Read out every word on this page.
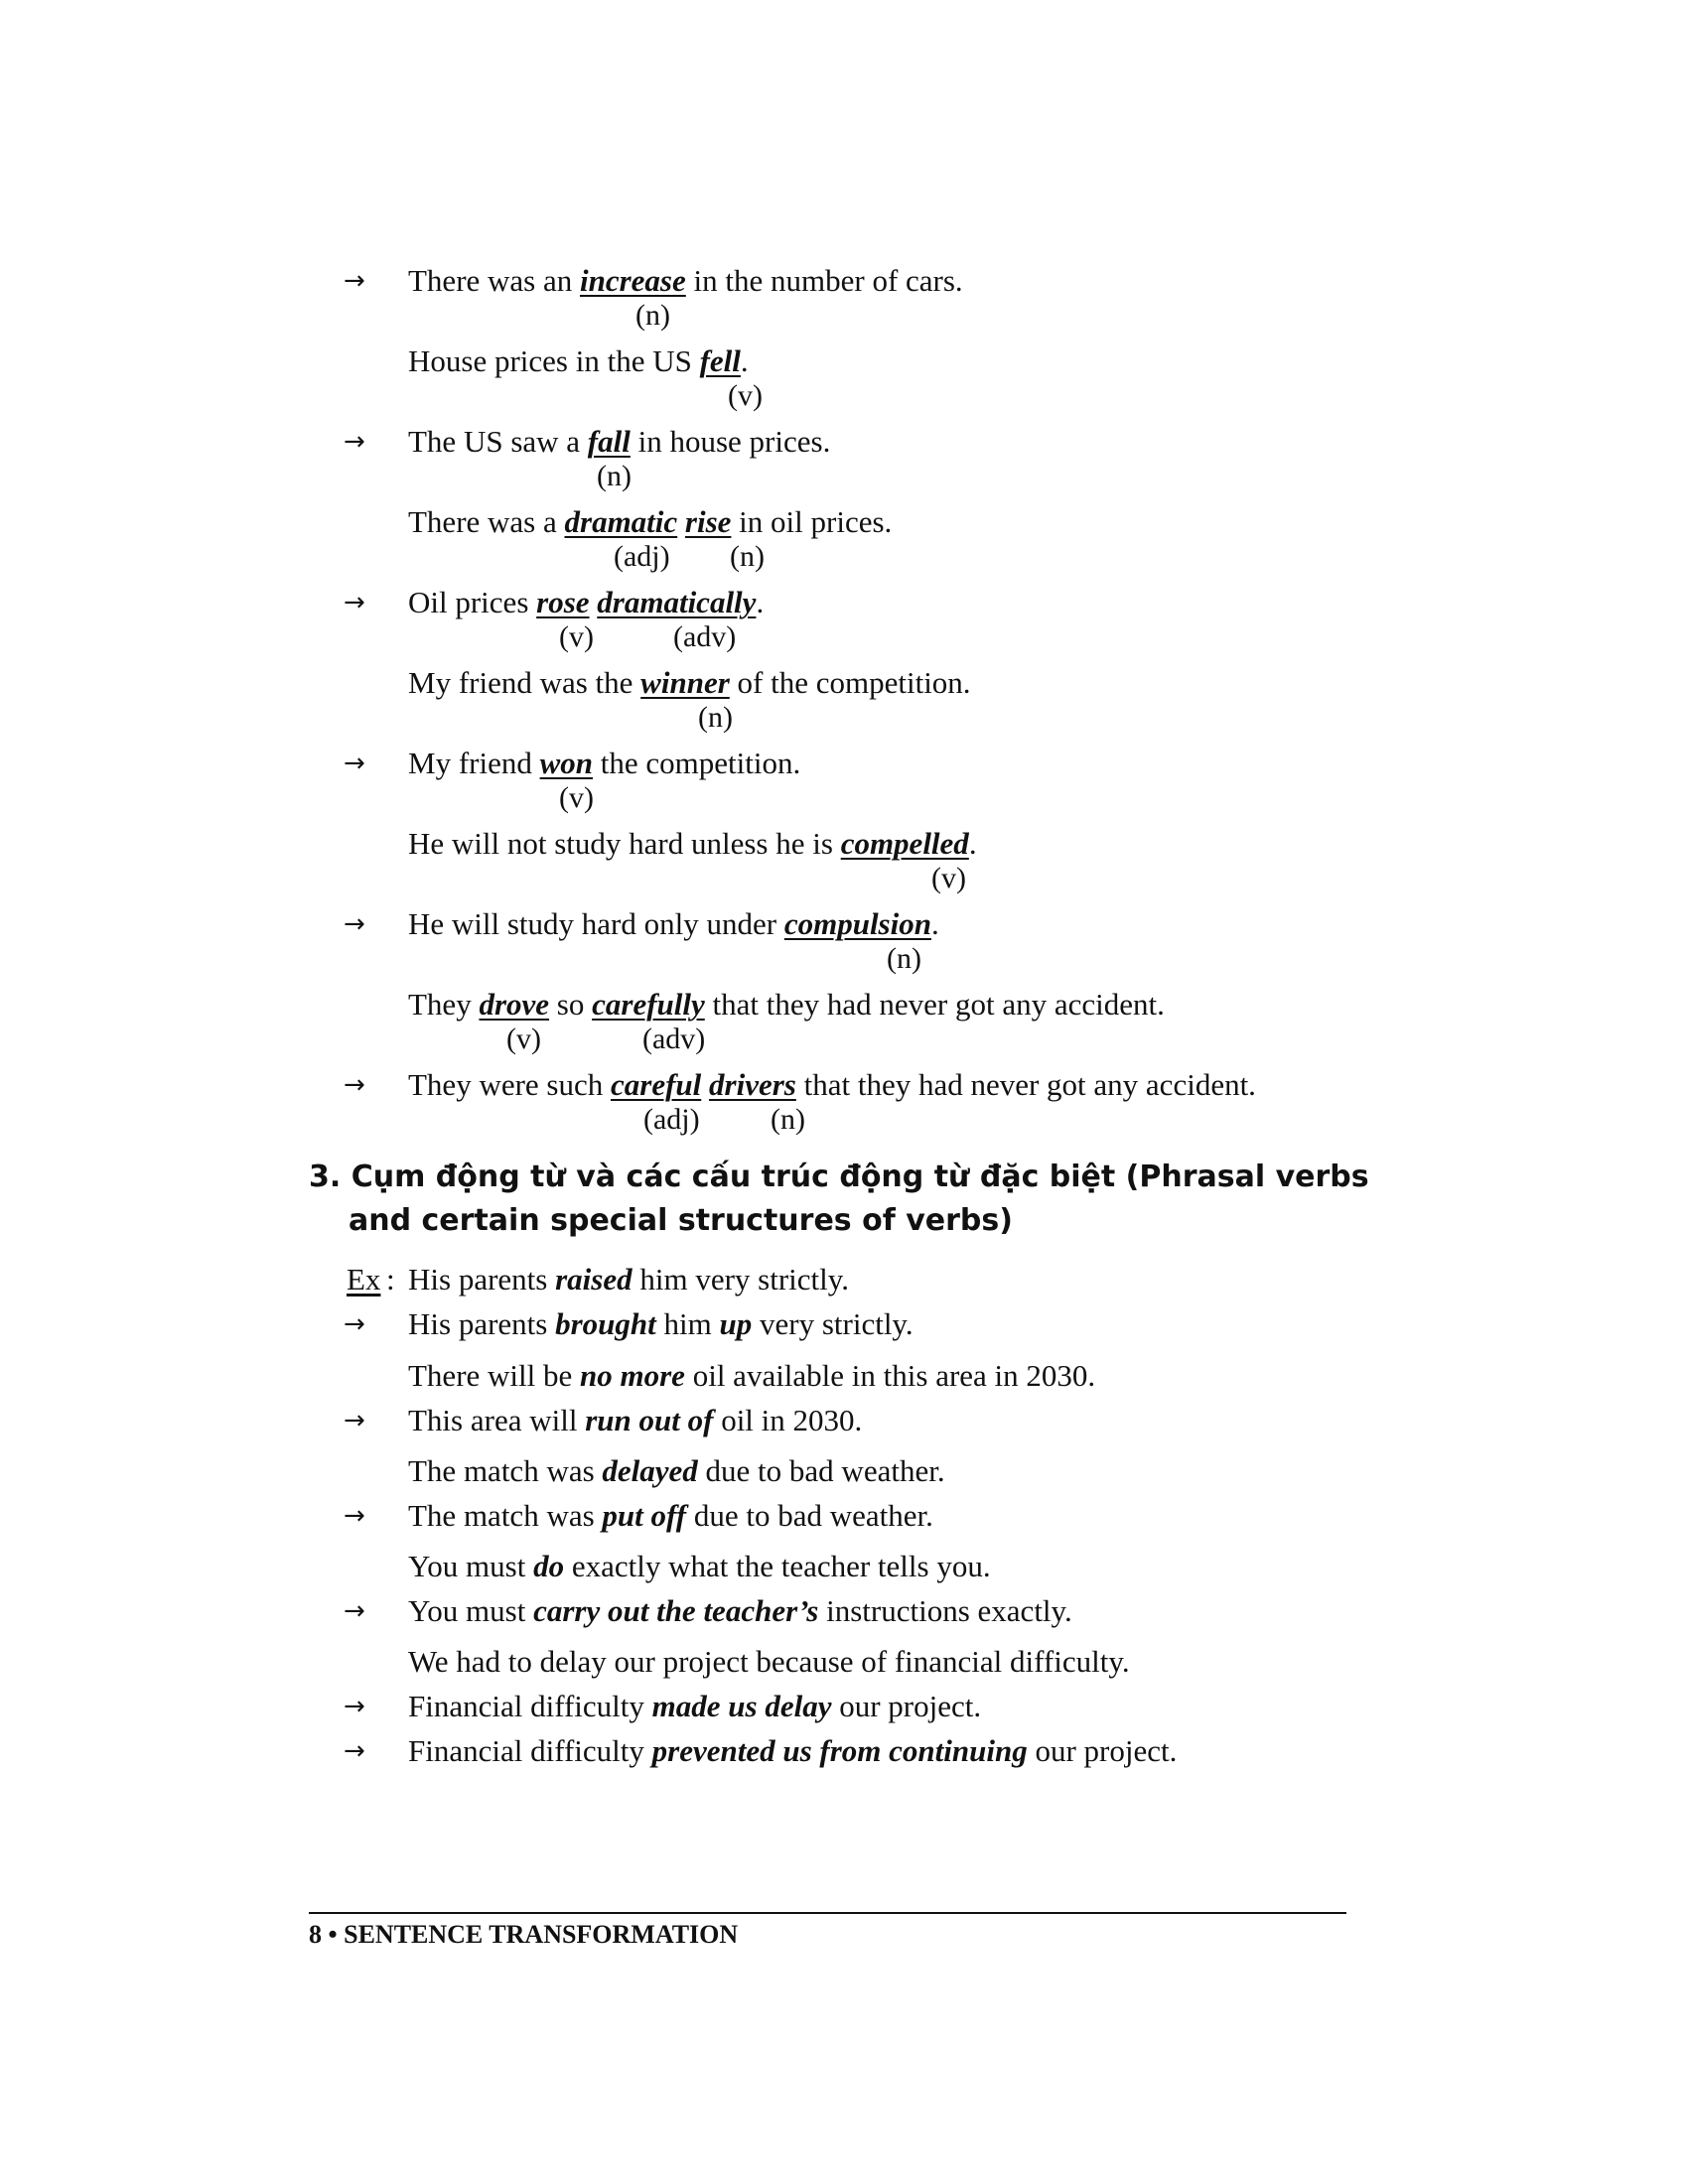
→ There was an increase in the number of cars.
(n)
House prices in the US fell.
(v)
→ The US saw a fall in house prices.
(n)
There was a dramatic rise in oil prices.
(adj) (n)
→ Oil prices rose dramatically.
(v)	(adv)
My friend was the winner of the competition.
(n)
→ My friend won the competition.
(v)
He will not study hard unless he is compelled.
(v)
→ He will study hard only under compulsion.
(n)
They drove so carefully that they had never got any accident.
(v)	(adv)
→ They were such careful drivers that they had never got any accident.
(adj) (n)
3. Cụm động từ và các cấu trúc động từ đặc biệt (Phrasal verbs
and certain special structures of verbs)
Ex : His parents raised him very strictly.
→ His parents brought him up very strictly.
There will be no more oil available in this area in 2030.
→ This area will run out of oil in 2030.
The match was delayed due to bad weather.
→ The match was put off due to bad weather.
You must do exactly what the teacher tells you.
→ You must carry out the teacher’s instructions exactly.
We had to delay our project because of financial difficulty.
→ Financial difficulty made us delay our project.
→ Financial difficulty prevented us from continuing our project.
8 • SENTENCE TRANSFORMATION
